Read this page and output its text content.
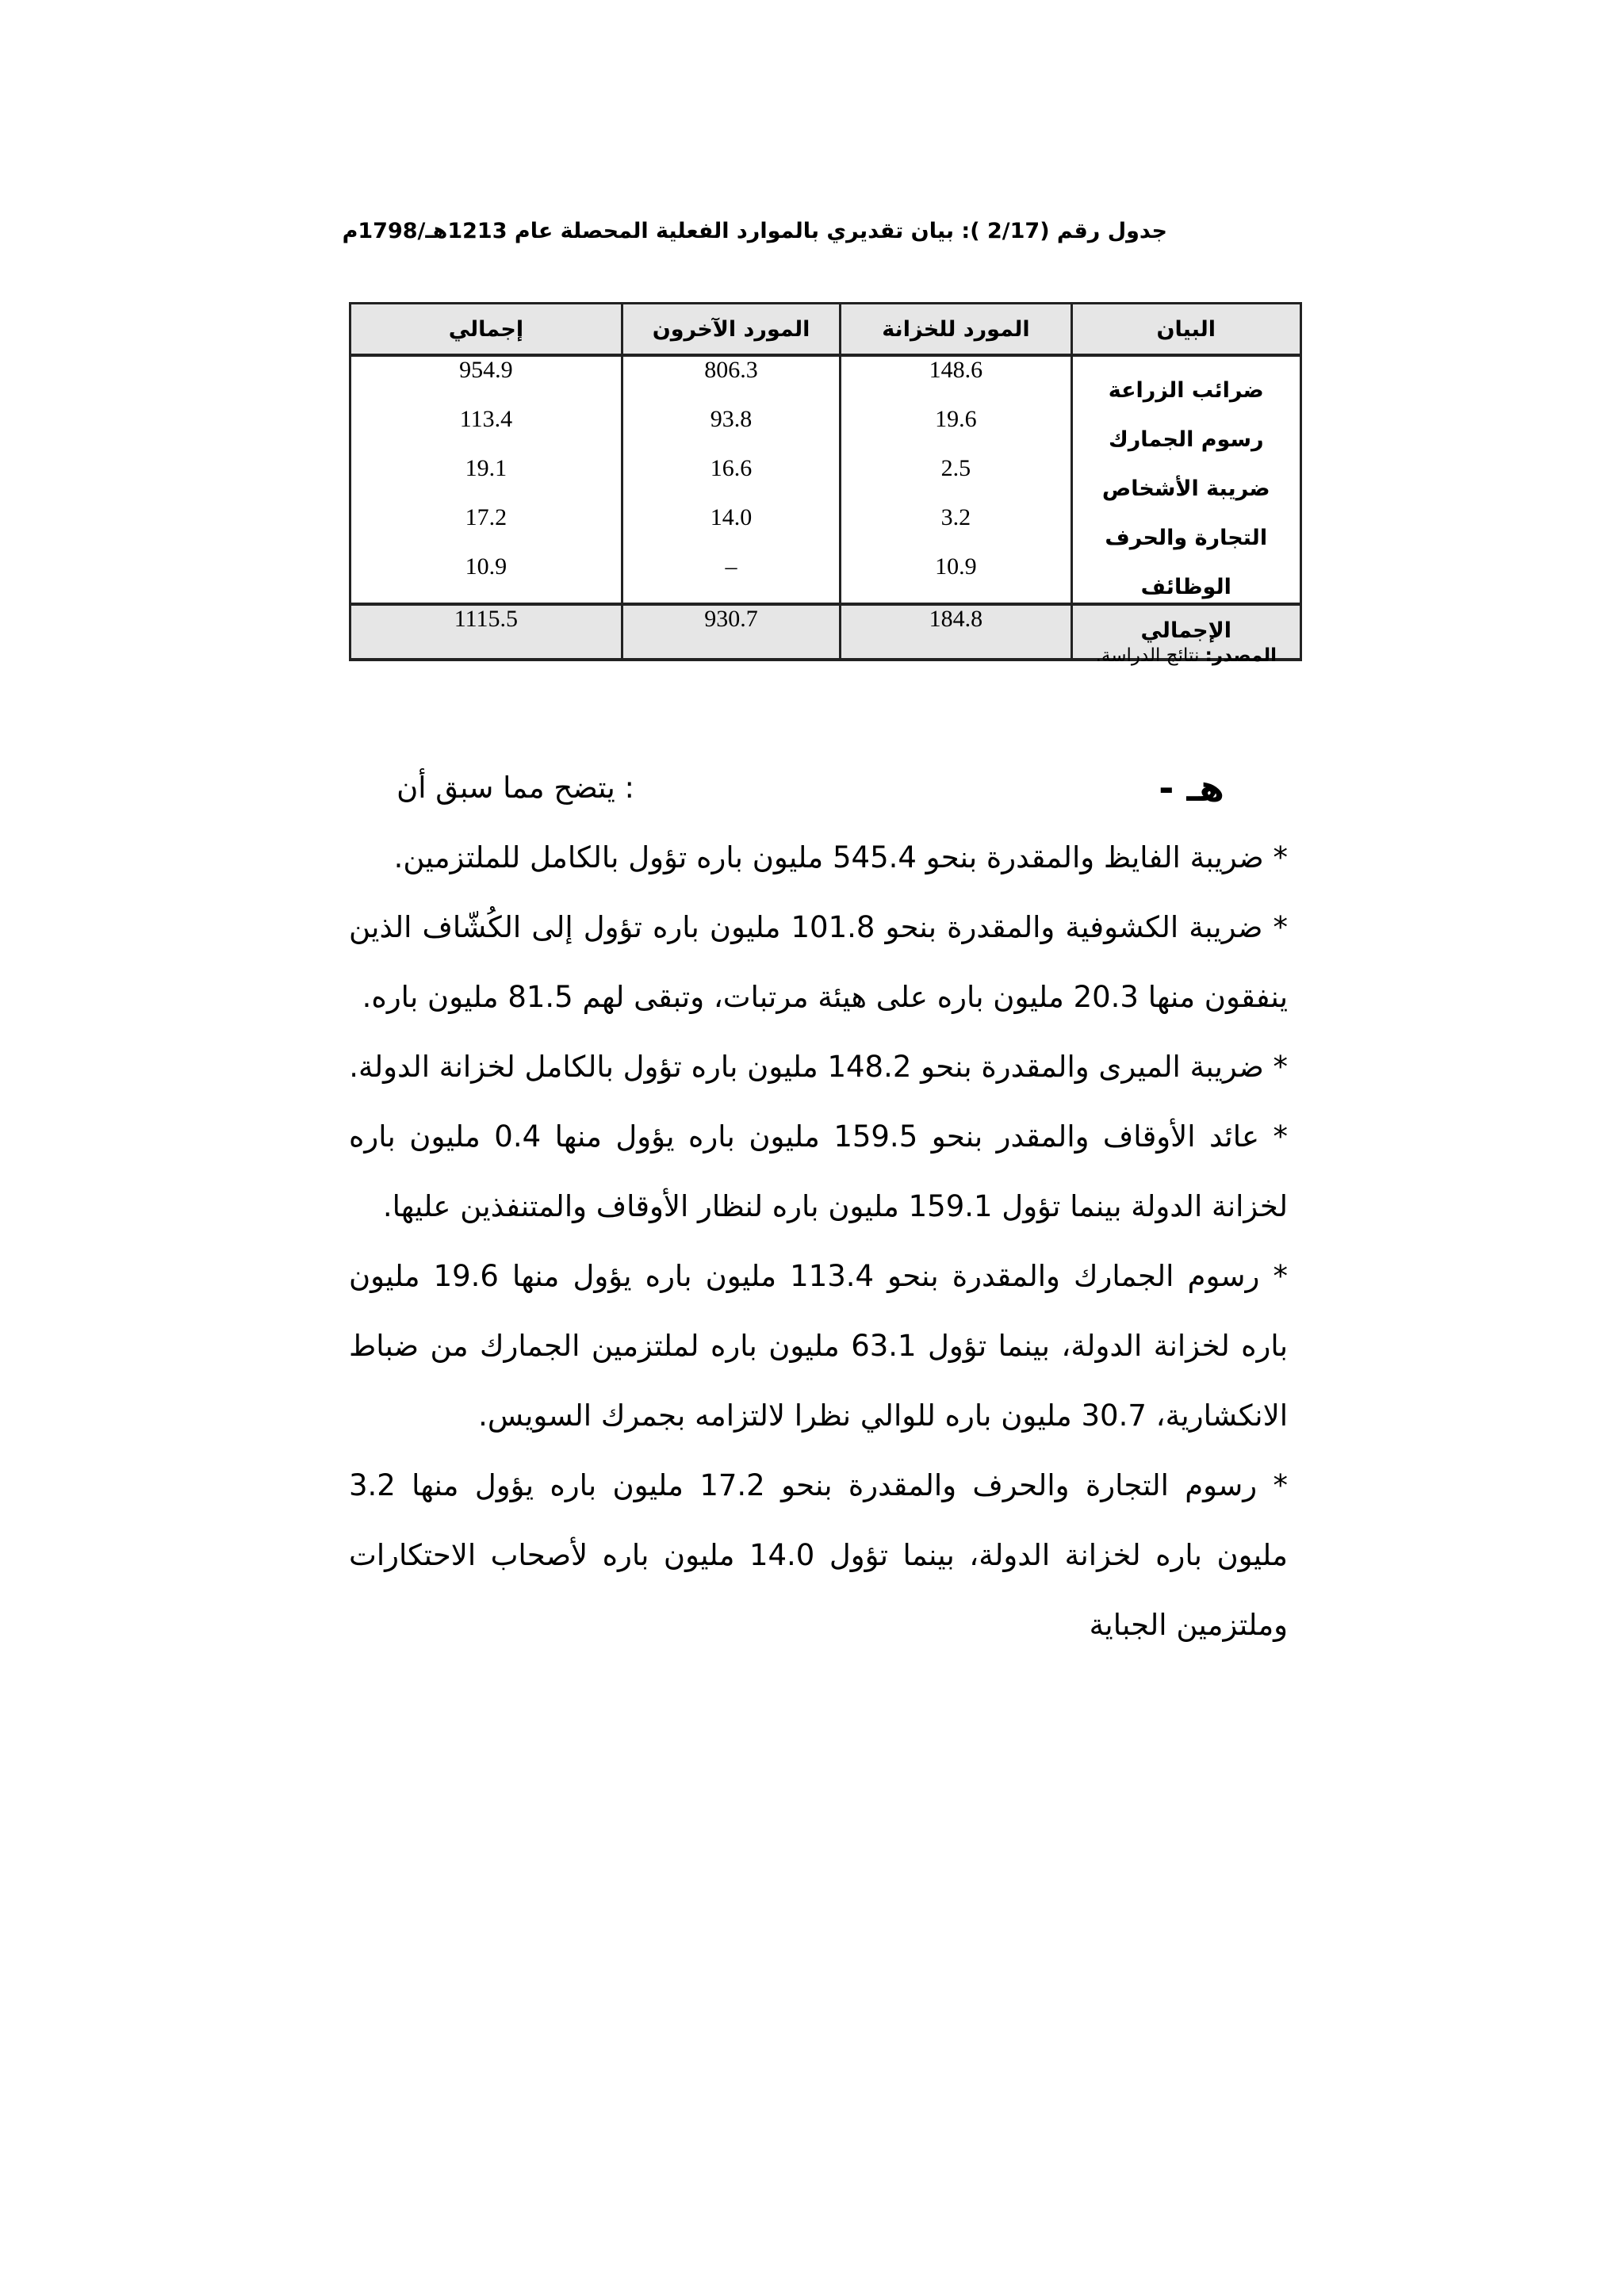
جدول رقم (2/17 ): بيان تقديري بالموارد الفعلية المحصلة عام 1213هـ/1798م
البيان	المورد للخزانة	المورد الآخرون	إجمالي
ضرائب الزراعة	148.6	806.3	954.9
رسوم الجمارك	19.6	93.8	113.4
ضريبة الأشخاص	2.5	16.6	19.1
التجارة والحرف	3.2	14.0	17.2
الوظائف	10.9	–	10.9
الإجمالي	184.8	930.7	1115.5
المصدر: نتائج الدراسة.
هـ -
: يتضح مما سبق أن

* ضريبة الفايظ والمقدرة بنحو 545.4 مليون باره تؤول بالكامل للملتزمين.

* ضريبة الكشوفية والمقدرة بنحو 101.8 مليون باره تؤول إلى الكُشّاف الذين ينفقون منها 20.3 مليون باره على هيئة مرتبات، وتبقى لهم 81.5 مليون باره.

* ضريبة الميرى والمقدرة بنحو 148.2 مليون باره تؤول بالكامل لخزانة الدولة.

* عائد الأوقاف والمقدر بنحو 159.5 مليون باره يؤول منها 0.4 مليون باره لخزانة الدولة بينما تؤول 159.1 مليون باره لنظار الأوقاف والمتنفذين عليها.

* رسوم الجمارك والمقدرة بنحو 113.4 مليون باره يؤول منها 19.6 مليون باره لخزانة الدولة، بينما تؤول 63.1 مليون باره لملتزمين الجمارك من ضباط الانكشارية، 30.7 مليون باره للوالي نظرا لالتزامه بجمرك السويس.

* رسوم التجارة والحرف والمقدرة بنحو 17.2 مليون باره يؤول منها 3.2 مليون باره لخزانة الدولة، بينما تؤول 14.0 مليون باره لأصحاب الاحتكارات وملتزمين الجباية
